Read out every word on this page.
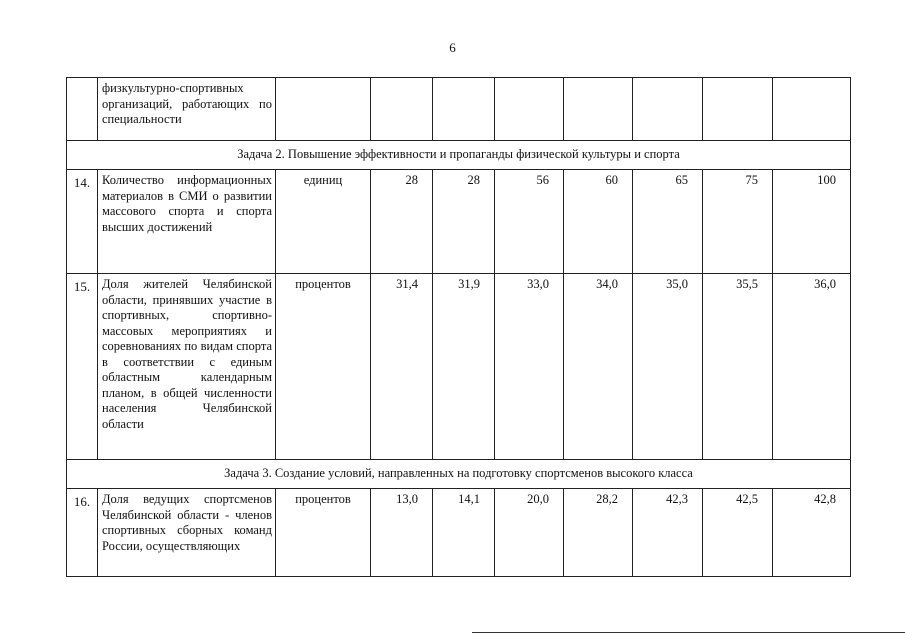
6
	физкультурно-спортивных организаций, работающих по специальности								
Задача 2. Повышение эффективности и пропаганды физической культуры и спорта									
14.	Количество информационных материалов в СМИ о развитии массового спорта и спорта высших достижений	единиц	28	28	56	60	65	75	100
15.	Доля жителей Челябинской области, принявших участие в спортивных, спортивно-массовых мероприятиях и соревнованиях по видам спорта в соответствии с единым областным календарным планом, в общей численности населения Челябинской области	процентов	31,4	31,9	33,0	34,0	35,0	35,5	36,0
Задача 3. Создание условий, направленных на подготовку спортсменов высокого класса									
16.	Доля ведущих спортсменов Челябинской области - членов спортивных сборных команд России, осуществляющих	процентов	13,0	14,1	20,0	28,2	42,3	42,5	42,8
